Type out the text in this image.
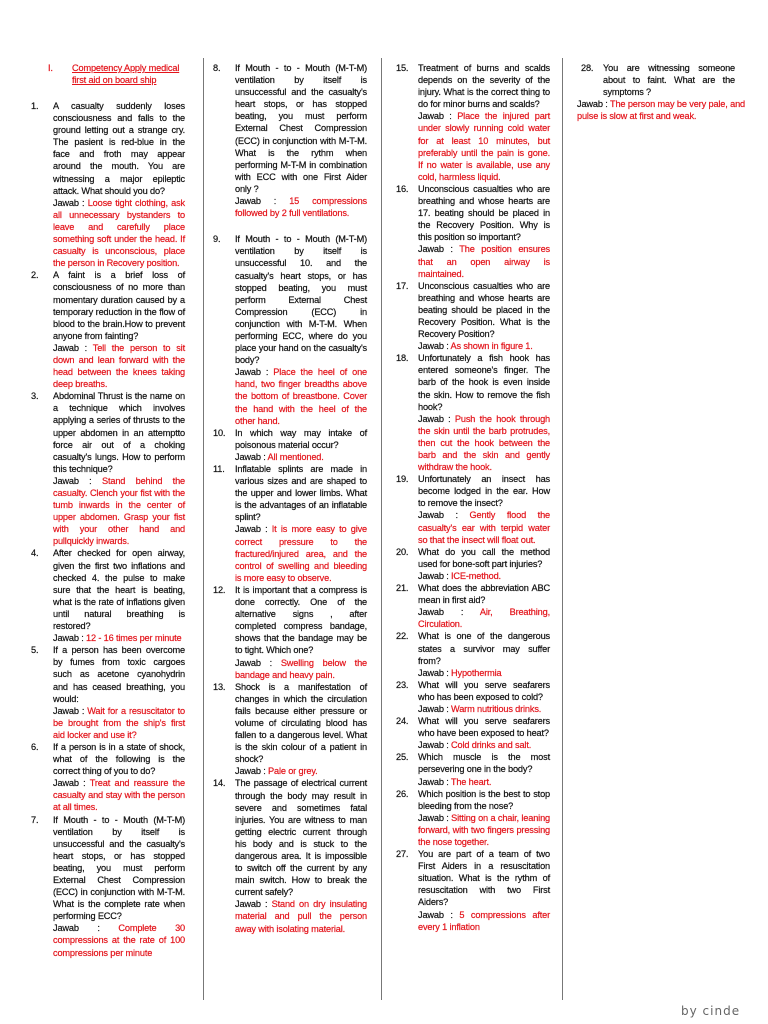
I. Competency Apply medical first aid on board ship
1. A casualty suddenly loses consciousness and falls to the ground letting out a strange cry. The pasient is red-blue in the face and froth may appear around the mouth. You are witnessing a major epileptic attack. What should you do?

Jawab : Loose tight clothing, ask all unnecessary bystanders to leave and carefully place something soft under the head. If casualty is unconscious, place the person in Recovery position.

2. A faint is a brief loss of consciousness of no more than momentary duration caused by a temporary reduction in the flow of blood to the brain.How to prevent anyone from fainting?

Jawab : Tell the person to sit down and lean forward with the head between the knees taking deep breaths.

3. Abdominal Thrust is the name on a technique which involves applying a series of thrusts to the upper abdomen in an attemptto force air out of a choking casualty's lungs. How to perform this technique?

Jawab : Stand behind the casualty. Clench your fist with the tumb inwards in the center of upper abdomen. Grasp your fist with your other hand and pullquickly inwards.

4. After checked for open airway, given the first two inflations and checked 4. the pulse to make sure that the heart is beating, what is the rate of inflations given until natural breathing is restored?

Jawab : 12 - 16 times per minute

5. If a person has been overcome by fumes from toxic cargoes such as acetone cyanohydrin and has ceased breathing, you would:

Jawab : Wait for a resuscitator to be brought from the ship's first aid locker and use it?

6. If a person is in a state of shock, what of the following is the correct thing of you to do?

Jawab : Treat and reassure the casualty and stay with the person at all times.

7. If Mouth - to - Mouth (M-T-M) ventilation by itself is unsuccessful and the casualty's heart stops, or has stopped beating, you must perform External Chest Compression (ECC) in conjunction with M-T-M. What is the complete rate when performing ECC?

Jawab : Complete 30 compressions at the rate of 100 compressions per minute

8. If Mouth - to - Mouth (M-T-M) ventilation by itself is unsuccessful and the casualty's heart stops, or has stopped beating, you must perform External Chest Compression (ECC) in conjunction with M-T-M. What is the rythm when performing M-T-M in combination with ECC with one First Aider only ?

Jawab : 15 compressions followed by 2 full ventilations.

9. If Mouth - to - Mouth (M-T-M) ventilation by itself is unsuccessful 10. and the casualty's heart stops, or has stopped beating, you must perform External Chest Compression (ECC) in conjunction with M-T-M. When performing ECC, where do you place your hand on the casualty's body?

Jawab : Place the heel of one hand, two finger breadths above the bottom of breastbone. Cover the hand with the heel of the other hand.

10. In which way may intake of poisonous material occur?

Jawab : All mentioned.

11. Inflatable splints are made in various sizes and are shaped to the upper and lower limbs. What is the advantages of an inflatable splint?

Jawab : It is more easy to give correct pressure to the fractured/injured area, and the control of swelling and bleeding is more easy to observe.

12. It is important that a compress is done correctly. One of the alternative signs , after completed compress bandage, shows that the bandage may be to tight. Which one?

Jawab : Swelling below the bandage and heavy pain.

13. Shock is a manifestation of changes in which the circulation fails because either pressure or volume of circulating blood has fallen to a dangerous level. What is the skin colour of a patient in shock?

Jawab : Pale or grey.

14. The passage of electrical current through the body may result in severe and sometimes fatal injuries. You are witness to man getting electric current through his body and is stuck to the dangerous area. It is impossible to switch off the current by any main switch. How to break the current safely?

Jawab : Stand on dry insulating material and pull the person away with isolating material.

15. Treatment of burns and scalds depends on the severity of the injury. What is the correct thing to do for minor burns and scalds?

Jawab : Place the injured part under slowly running cold water for at least 10 minutes, but preferably until the pain is gone. If no water is available, use any cold, harmless liquid.

16. Unconscious casualties who are breathing and whose hearts are 17. beating should be placed in the Recovery Position. Why is this position so important?

Jawab : The position ensures that an open airway is maintained.

17. Unconscious casualties who are breathing and whose hearts are beating should be placed in the Recovery Position. What is the Recovery Position?

Jawab : As shown in figure 1.

18. Unfortunately a fish hook has entered someone's finger. The barb of the hook is even inside the skin. How to remove the fish hook?

Jawab : Push the hook through the skin until the barb protrudes, then cut the hook between the barb and the skin and gently withdraw the hook.

19. Unfortunately an insect has become lodged in the ear. How to remove the insect?

Jawab : Gently flood the casualty's ear with terpid water so that the insect will float out.

20. What do you call the method used for bone-soft part injuries?

Jawab : ICE-method.

21. What does the abbreviation ABC mean in first aid?

Jawab : Air, Breathing, Circulation.

22. What is one of the dangerous states a survivor may suffer from?

Jawab : Hypothermia

23. What will you serve seafarers who has been exposed to cold?

Jawab : Warm nutritious drinks.

24. What will you serve seafarers who have been exposed to heat?

Jawab : Cold drinks and salt.

25. Which muscle is the most persevering one in the body?

Jawab : The heart.

26. Which position is the best to stop bleeding from the nose?

Jawab : Sitting on a chair, leaning forward, with two fingers pressing the nose together.

27. You are part of a team of two First Aiders in a resuscitation situation. What is the rythm of resuscitation with two First Aiders?

Jawab : 5 compressions after every 1 inflation

28. You are witnessing someone about to faint. What are the symptoms ?

Jawab : The person may be very pale, and pulse is slow at first and weak.

by cinde
